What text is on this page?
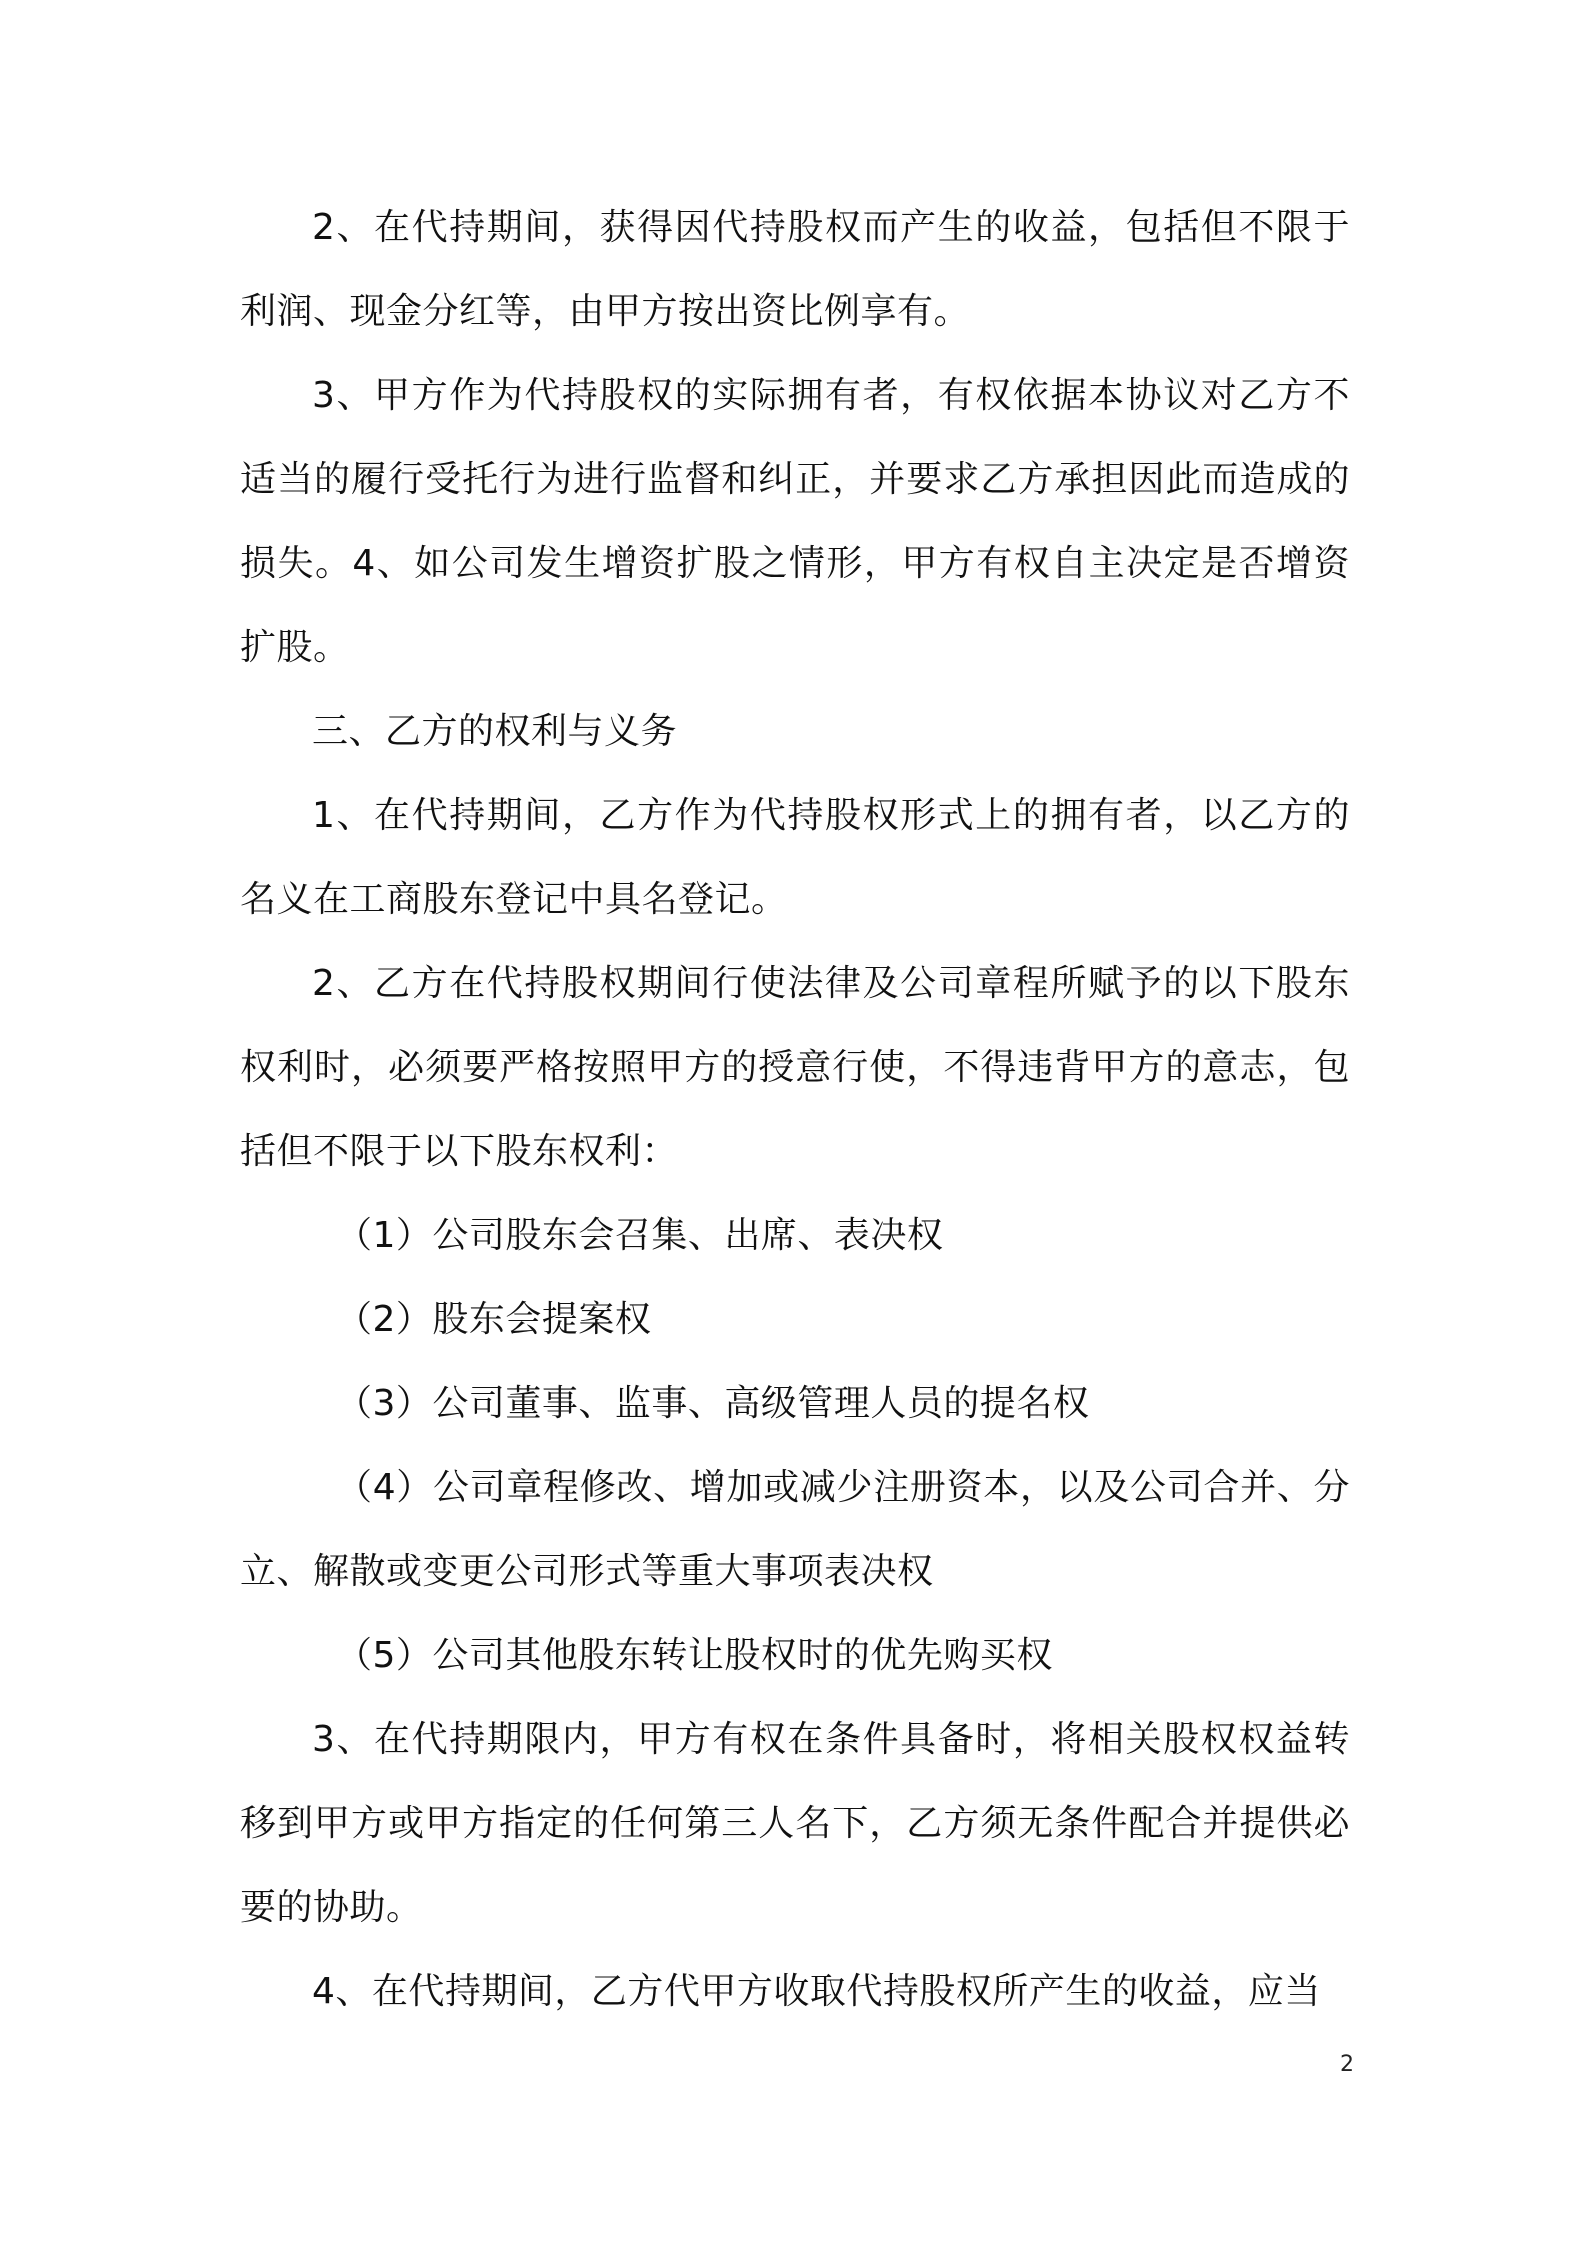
2、在代持期间，获得因代持股权而产生的收益，包括但不限于利润、现金分红等，由甲方按出资比例享有。

3、甲方作为代持股权的实际拥有者，有权依据本协议对乙方不适当的履行受托行为进行监督和纠正，并要求乙方承担因此而造成的损失。4、如公司发生增资扩股之情形，甲方有权自主决定是否增资扩股。

三、乙方的权利与义务

1、在代持期间，乙方作为代持股权形式上的拥有者，以乙方的名义在工商股东登记中具名登记。

2、乙方在代持股权期间行使法律及公司章程所赋予的以下股东权利时，必须要严格按照甲方的授意行使，不得违背甲方的意志，包括但不限于以下股东权利：

（1）公司股东会召集、出席、表决权

（2）股东会提案权

（3）公司董事、监事、高级管理人员的提名权

（4）公司章程修改、增加或减少注册资本，以及公司合并、分立、解散或变更公司形式等重大事项表决权

（5）公司其他股东转让股权时的优先购买权

3、在代持期限内，甲方有权在条件具备时，将相关股权权益转移到甲方或甲方指定的任何第三人名下，乙方须无条件配合并提供必要的协助。

4、在代持期间，乙方代甲方收取代持股权所产生的收益，应当

2
